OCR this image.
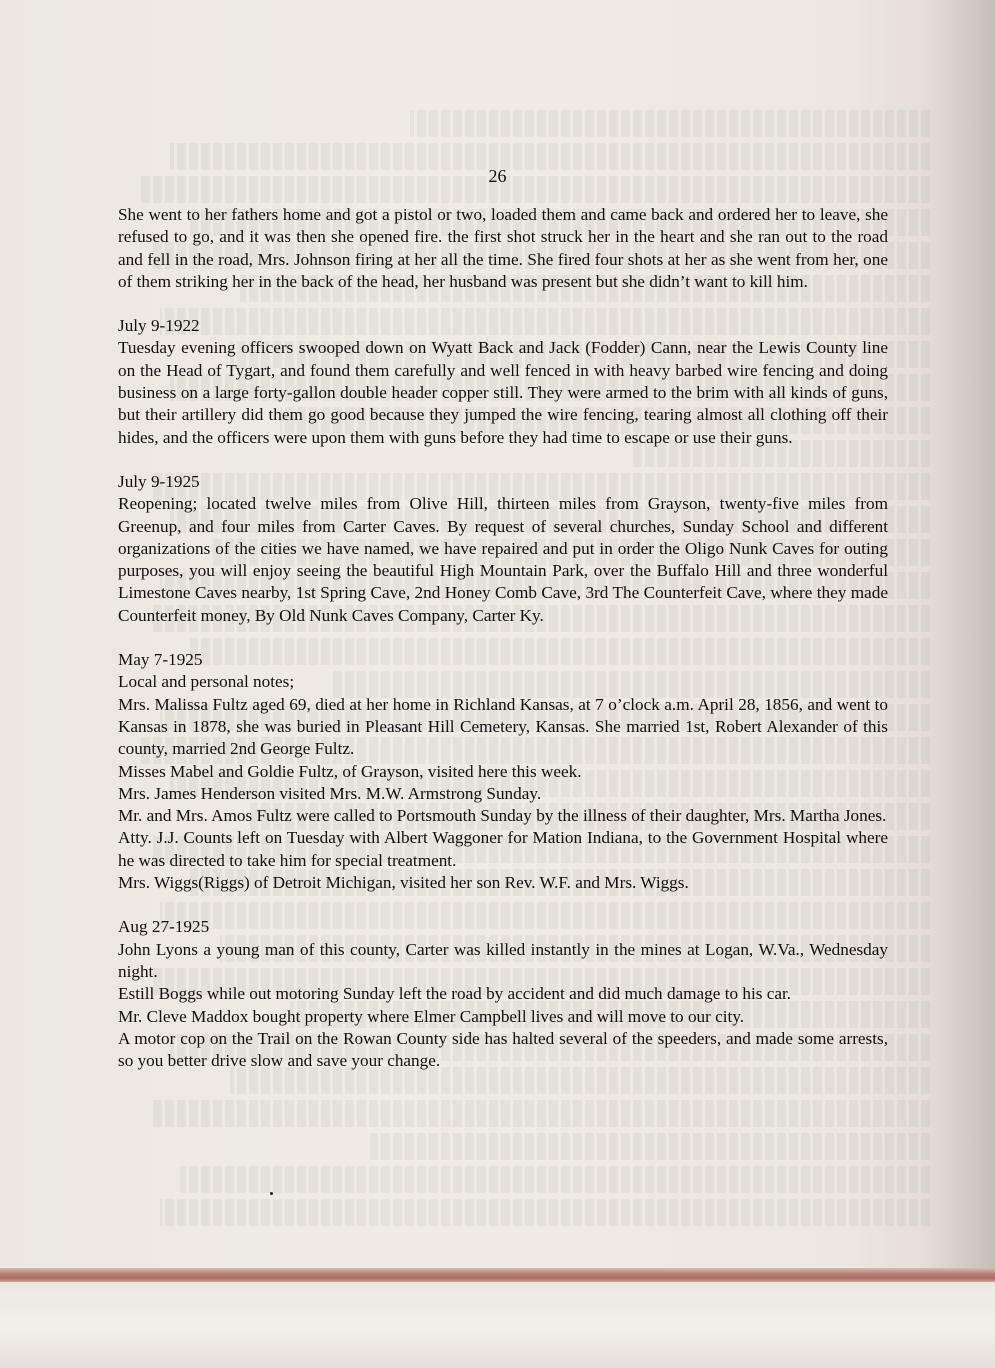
26

She went to her fathers home and got a pistol or two, loaded them and came back and ordered her to leave, she refused to go, and it was then she opened fire. the first shot struck her in the heart and she ran out to the road and fell in the road, Mrs. Johnson firing at her all the time. She fired four shots at her as she went from her, one of them striking her in the back of the head, her husband was present but she didn’t want to kill him.

July 9-1922

Tuesday evening officers swooped down on Wyatt Back and Jack (Fodder) Cann, near the Lewis County line on the Head of Tygart, and found them carefully and well fenced in with heavy barbed wire fencing and doing business on a large forty-gallon double header copper still. They were armed to the brim with all kinds of guns, but their artillery did them go good because they jumped the wire fencing, tearing almost all clothing off their hides, and the officers were upon them with guns before they had time to escape or use their guns.

July 9-1925

Reopening; located twelve miles from Olive Hill, thirteen miles from Grayson, twenty-five miles from Greenup, and four miles from Carter Caves. By request of several churches, Sunday School and different organizations of the cities we have named, we have repaired and put in order the Oligo Nunk Caves for outing purposes, you will enjoy seeing the beautiful High Mountain Park, over the Buffalo Hill and three wonderful Limestone Caves nearby, 1st Spring Cave, 2nd Honey Comb Cave, 3rd The Counterfeit Cave, where they made Counterfeit money, By Old Nunk Caves Company, Carter Ky.

May 7-1925

Local and personal notes;

Mrs. Malissa Fultz aged 69, died at her home in Richland Kansas, at 7 o’clock a.m. April 28, 1856, and went to Kansas in 1878, she was buried in Pleasant Hill Cemetery, Kansas. She married 1st, Robert Alexander of this county, married 2nd George Fultz.

Misses Mabel and Goldie Fultz, of Grayson, visited here this week.

Mrs. James Henderson visited Mrs. M.W. Armstrong Sunday.

Mr. and Mrs. Amos Fultz were called to Portsmouth Sunday by the illness of their daughter, Mrs. Martha Jones.

Atty. J.J. Counts left on Tuesday with Albert Waggoner for Mation Indiana, to the Government Hospital where he was directed to take him for special treatment.

Mrs. Wiggs(Riggs) of Detroit Michigan, visited her son Rev. W.F. and Mrs. Wiggs.

Aug 27-1925

John Lyons a young man of this county, Carter was killed instantly in the mines at Logan, W.Va., Wednesday night.

Estill Boggs while out motoring Sunday left the road by accident and did much damage to his car.

Mr. Cleve Maddox bought property where Elmer Campbell lives and will move to our city.

A motor cop on the Trail on the Rowan County side has halted several of the speeders, and made some arrests, so you better drive slow and save your change.
